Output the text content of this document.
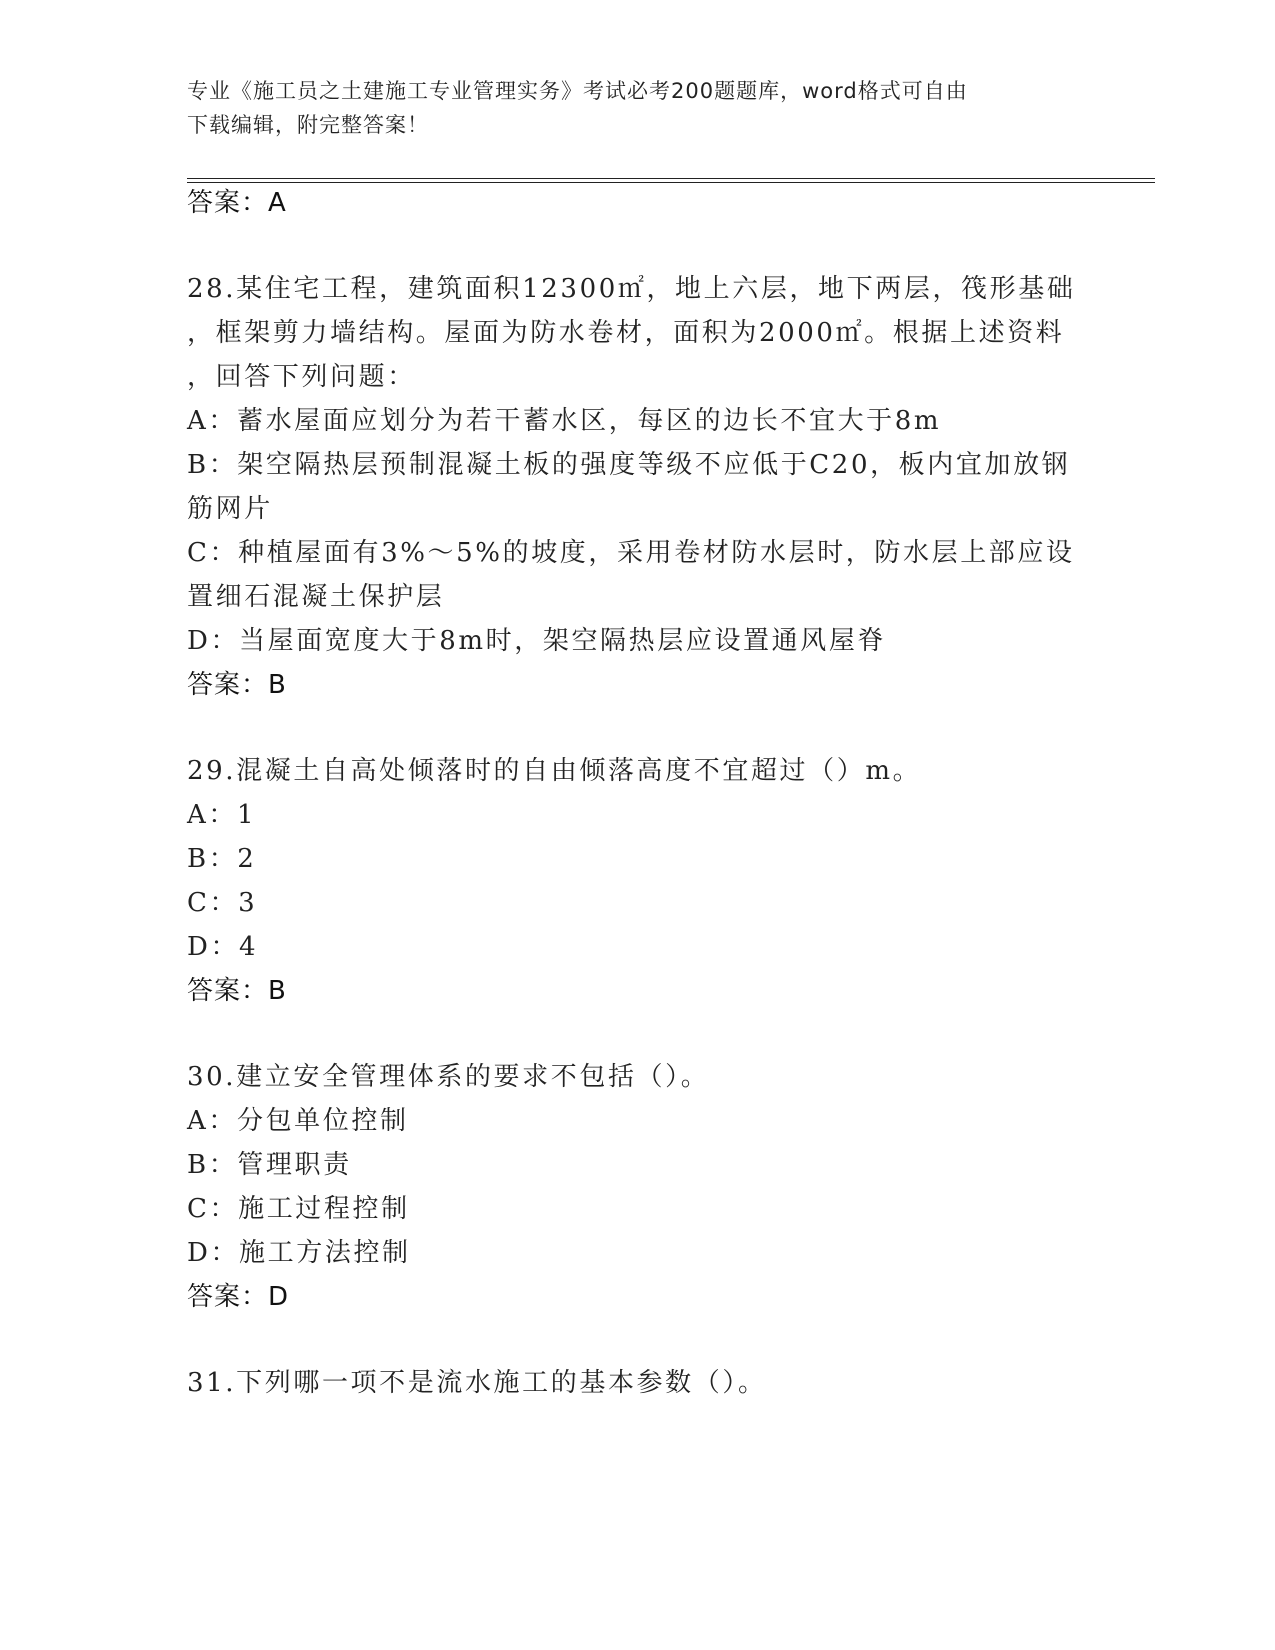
专业《施工员之土建施工专业管理实务》考试必考200题题库，word格式可自由
下载编辑，附完整答案！
答案：A
28.某住宅工程，建筑面积12300㎡，地上六层，地下两层，筏形基础
，框架剪力墙结构。屋面为防水卷材，面积为2000㎡。根据上述资料
，回答下列问题：
A：蓄水屋面应划分为若干蓄水区，每区的边长不宜大于8m
B：架空隔热层预制混凝土板的强度等级不应低于C20，板内宜加放钢
筋网片
C：种植屋面有3%～5%的坡度，采用卷材防水层时，防水层上部应设
置细石混凝土保护层
D：当屋面宽度大于8m时，架空隔热层应设置通风屋脊
答案：B
29.混凝土自高处倾落时的自由倾落高度不宜超过（）m。
A：1
B：2
C：3
D：4
答案：B
30.建立安全管理体系的要求不包括（）。
A：分包单位控制
B：管理职责
C：施工过程控制
D：施工方法控制
答案：D
31.下列哪一项不是流水施工的基本参数（）。
